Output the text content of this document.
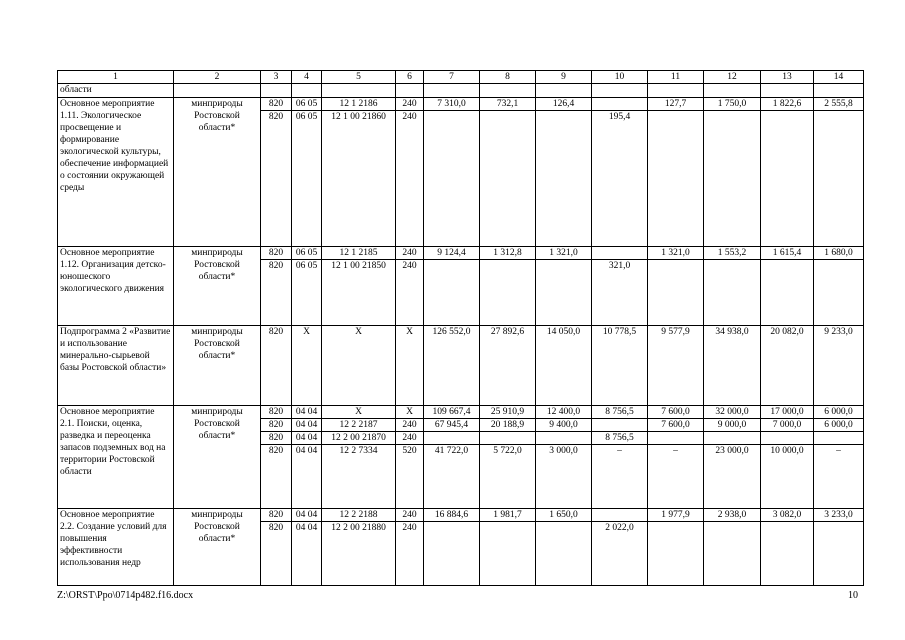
1	2	3	4	5	6	7	8	9	10	11	12	13	14
области													
Основное мероприятие 1.11. Экологическое просвещение и формирование экологической культуры, обеспечение информацией о состоянии окружающей среды	минприроды Ростовской области*	820	06 05	12 1 2186	240	7 310,0	732,1	126,4		127,7	1 750,0	1 822,6	2 555,8
		820	06 05	12 1 00 21860	240				195,4				
Основное мероприятие 1.12. Организация детско-юношеского экологического движения	минприроды Ростовской области*	820	06 05	12 1 2185	240	9 124,4	1 312,8	1 321,0		1 321,0	1 553,2	1 615,4	1 680,0
		820	06 05	12 1 00 21850	240				321,0				
Подпрограмма 2 «Развитие и использование минерально-сырьевой базы Ростовской области»	минприроды Ростовской области*	820	Х	Х	Х	126 552,0	27 892,6	14 050,0	10 778,5	9 577,9	34 938,0	20 082,0	9 233,0
Основное мероприятие 2.1. Поиски, оценка, разведка и переоценка запасов подземных вод на территории Ростовской области	минприроды Ростовской области*	820	04 04	Х	Х	109 667,4	25 910,9	12 400,0	8 756,5	7 600,0	32 000,0	17 000,0	6 000,0
		820	04 04	12 2 2187	240	67 945,4	20 188,9	9 400,0		7 600,0	9 000,0	7 000,0	6 000,0
		820	04 04	12 2 00 21870	240				8 756,5				
		820	04 04	12 2 7334	520	41 722,0	5 722,0	3 000,0	–	–	23 000,0	10 000,0	–
Основное мероприятие 2.2. Создание условий для повышения эффективности использования недр	минприроды Ростовской области*	820	04 04	12 2 2188	240	16 884,6	1 981,7	1 650,0		1 977,9	2 938,0	3 082,0	3 233,0
		820	04 04	12 2 00 21880	240				2 022,0				
Z:\ORST\Ppo\0714p482.f16.docx	10
